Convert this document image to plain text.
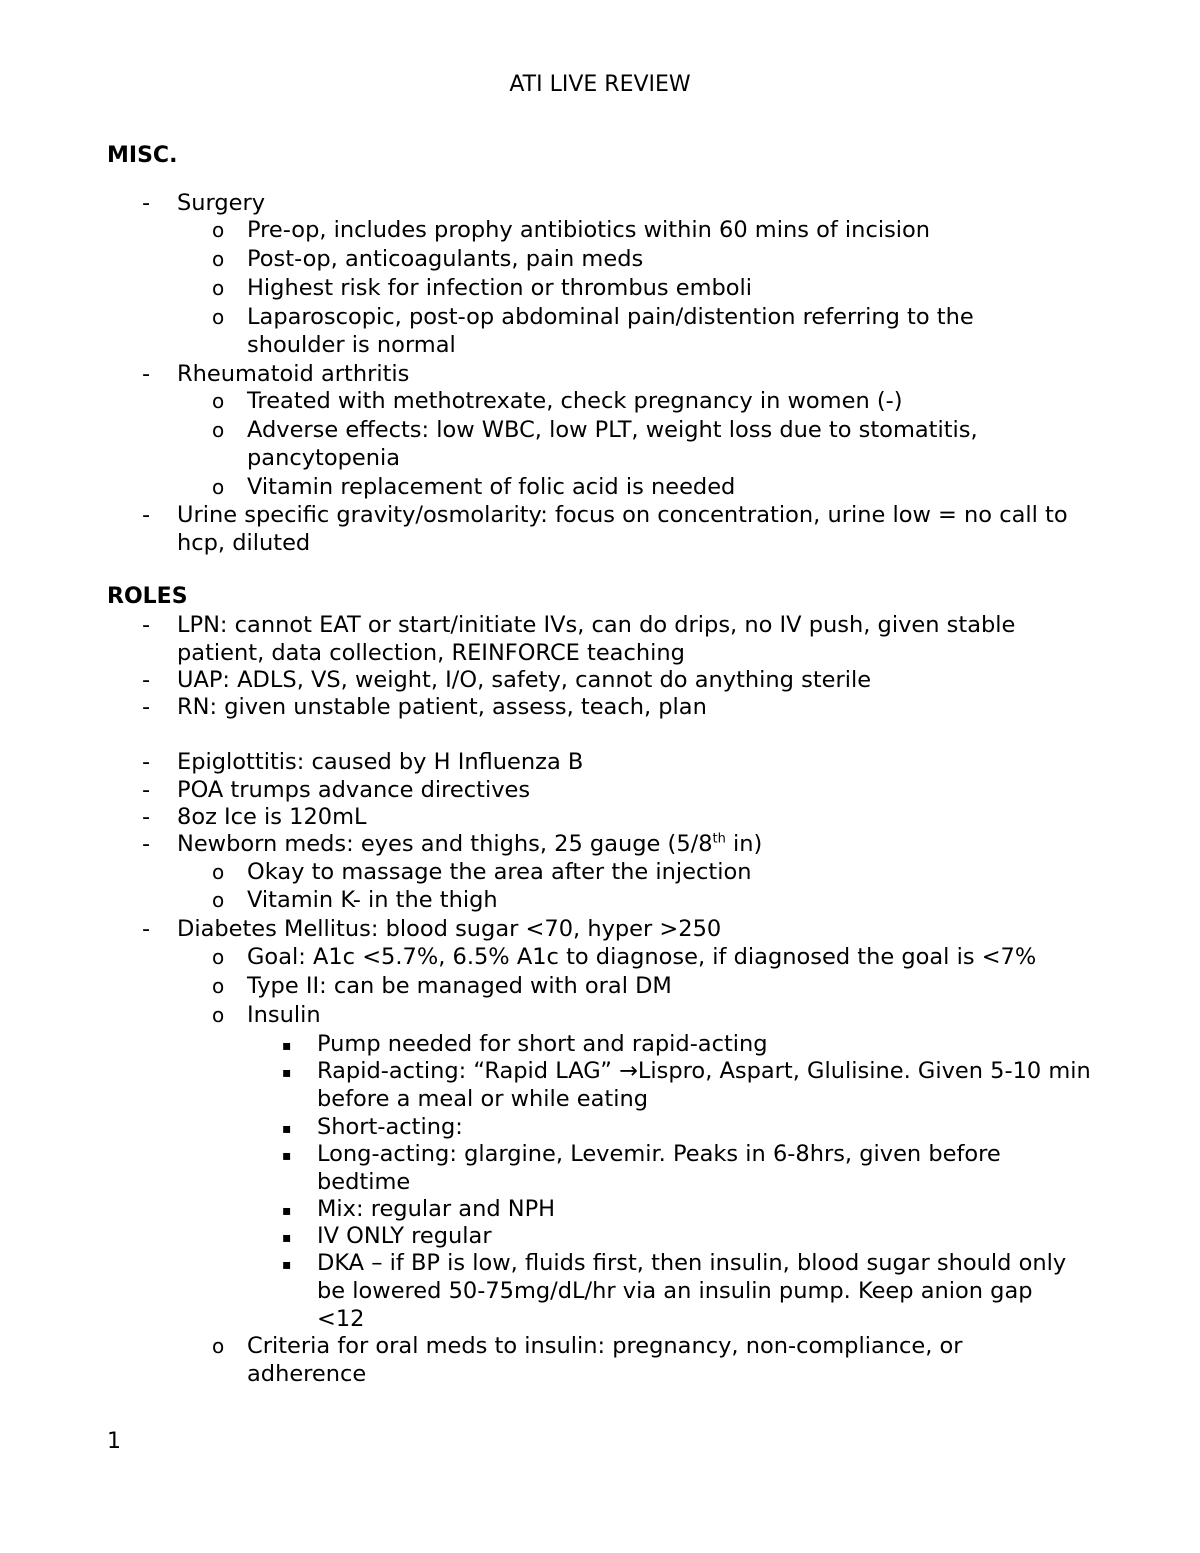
ATI LIVE REVIEW
MISC.
- Surgery
o Pre-op, includes prophy antibiotics within 60 mins of incision
o Post-op, anticoagulants, pain meds
o Highest risk for infection or thrombus emboli
o Laparoscopic, post-op abdominal pain/distention referring to the shoulder is normal
- Rheumatoid arthritis
o Treated with methotrexate, check pregnancy in women (-)
o Adverse effects: low WBC, low PLT, weight loss due to stomatitis, pancytopenia
o Vitamin replacement of folic acid is needed
- Urine specific gravity/osmolarity: focus on concentration, urine low = no call to hcp, diluted
ROLES
- LPN: cannot EAT or start/initiate IVs, can do drips, no IV push, given stable patient, data collection, REINFORCE teaching
- UAP: ADLS, VS, weight, I/O, safety, cannot do anything sterile
- RN: given unstable patient, assess, teach, plan
- Epiglottitis: caused by H Influenza B
- POA trumps advance directives
- 8oz Ice is 120mL
- Newborn meds: eyes and thighs, 25 gauge (5/8th in)
o Okay to massage the area after the injection
o Vitamin K- in the thigh
- Diabetes Mellitus: blood sugar <70, hyper >250
o Goal: A1c <5.7%, 6.5% A1c to diagnose, if diagnosed the goal is <7%
o Type II: can be managed with oral DM
o Insulin
▪ Pump needed for short and rapid-acting
▪ Rapid-acting: “Rapid LAG” →Lispro, Aspart, Glulisine. Given 5-10 min before a meal or while eating
▪ Short-acting:
▪ Long-acting: glargine, Levemir. Peaks in 6-8hrs, given before bedtime
▪ Mix: regular and NPH
▪ IV ONLY regular
▪ DKA – if BP is low, fluids first, then insulin, blood sugar should only be lowered 50-75mg/dL/hr via an insulin pump. Keep anion gap <12
o Criteria for oral meds to insulin: pregnancy, non-compliance, or adherence
1
